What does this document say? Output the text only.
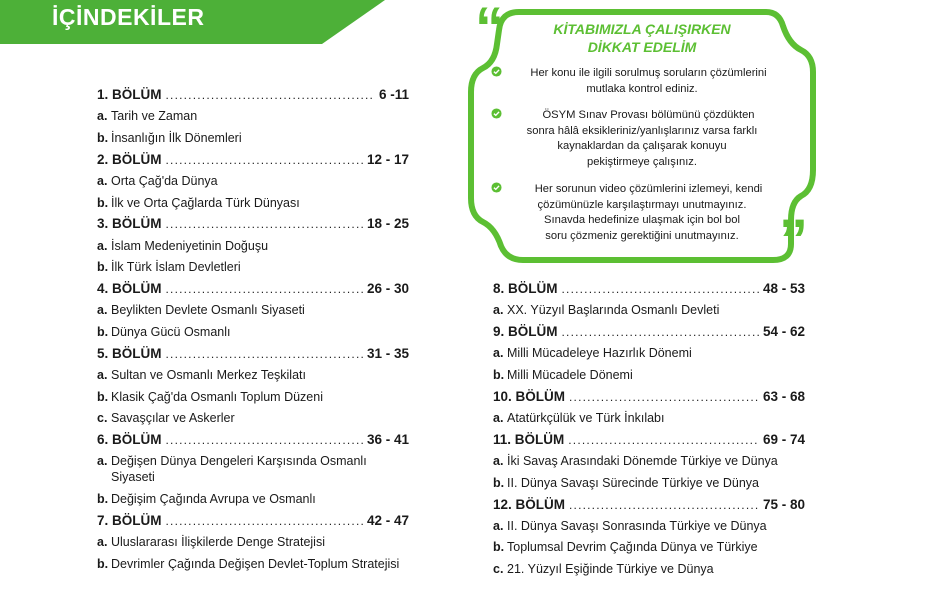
İÇİNDEKİLER	“
”
KİTABIMIZLA ÇALIŞIRKEN
DİKKAT EDELİM
Her konu ile ilgili sorulmuş soruların çözümlerini
mutlaka kontrol ediniz.
ÖSYM Sınav Provası bölümünü çözdükten
sonra hâlâ eksikleriniz/yanlışlarınız varsa farklı
kaynaklardan da çalışarak konuyu
pekiştirmeye çalışınız.
Her sorunun video çözümlerini izlemeyi, kendi
çözümünüzle karşılaştırmayı unutmayınız.
Sınavda hedefinize ulaşmak için bol bol
soru çözmeniz gerektiğini unutmayınız.
1. BÖLÜM .....	6 -11
a. Tarih ve Zaman
b. İnsanlığın İlk Dönemleri
2. BÖLÜM .....	12 - 17
a. Orta Çağ'da Dünya
b. İlk ve Orta Çağlarda Türk Dünyası
3. BÖLÜM .....	18 - 25
a. İslam Medeniyetinin Doğuşu
b. İlk Türk İslam Devletleri
4. BÖLÜM .....	26 - 30
a. Beylikten Devlete Osmanlı Siyaseti
b. Dünya Gücü Osmanlı
5. BÖLÜM .....	31 - 35
a. Sultan ve Osmanlı Merkez Teşkilatı
b. Klasik Çağ'da Osmanlı Toplum Düzeni
c. Savaşçılar ve Askerler
6. BÖLÜM .....	36 - 41
a. Değişen Dünya Dengeleri Karşısında Osmanlı Siyaseti
b. Değişim Çağında Avrupa ve Osmanlı
7. BÖLÜM .....	42 - 47
a. Uluslararası İlişkilerde Denge Stratejisi
b. Devrimler Çağında Değişen Devlet-Toplum Stratejisi
8. BÖLÜM .....	48 - 53
a. XX. Yüzyıl Başlarında Osmanlı Devleti
9. BÖLÜM .....	54 - 62
a. Milli Mücadeleye Hazırlık Dönemi
b. Milli Mücadele Dönemi
10. BÖLÜM .....	63 - 68
a. Atatürkçülük ve Türk İnkılabı
11. BÖLÜM .....	69 - 74
a. İki Savaş Arasındaki Dönemde Türkiye ve Dünya
b. II. Dünya Savaşı Sürecinde Türkiye ve Dünya
12. BÖLÜM .....	75 - 80
a. II. Dünya Savaşı Sonrasında Türkiye ve Dünya
b. Toplumsal Devrim Çağında Dünya ve Türkiye
c. 21. Yüzyıl Eşiğinde Türkiye ve Dünya
